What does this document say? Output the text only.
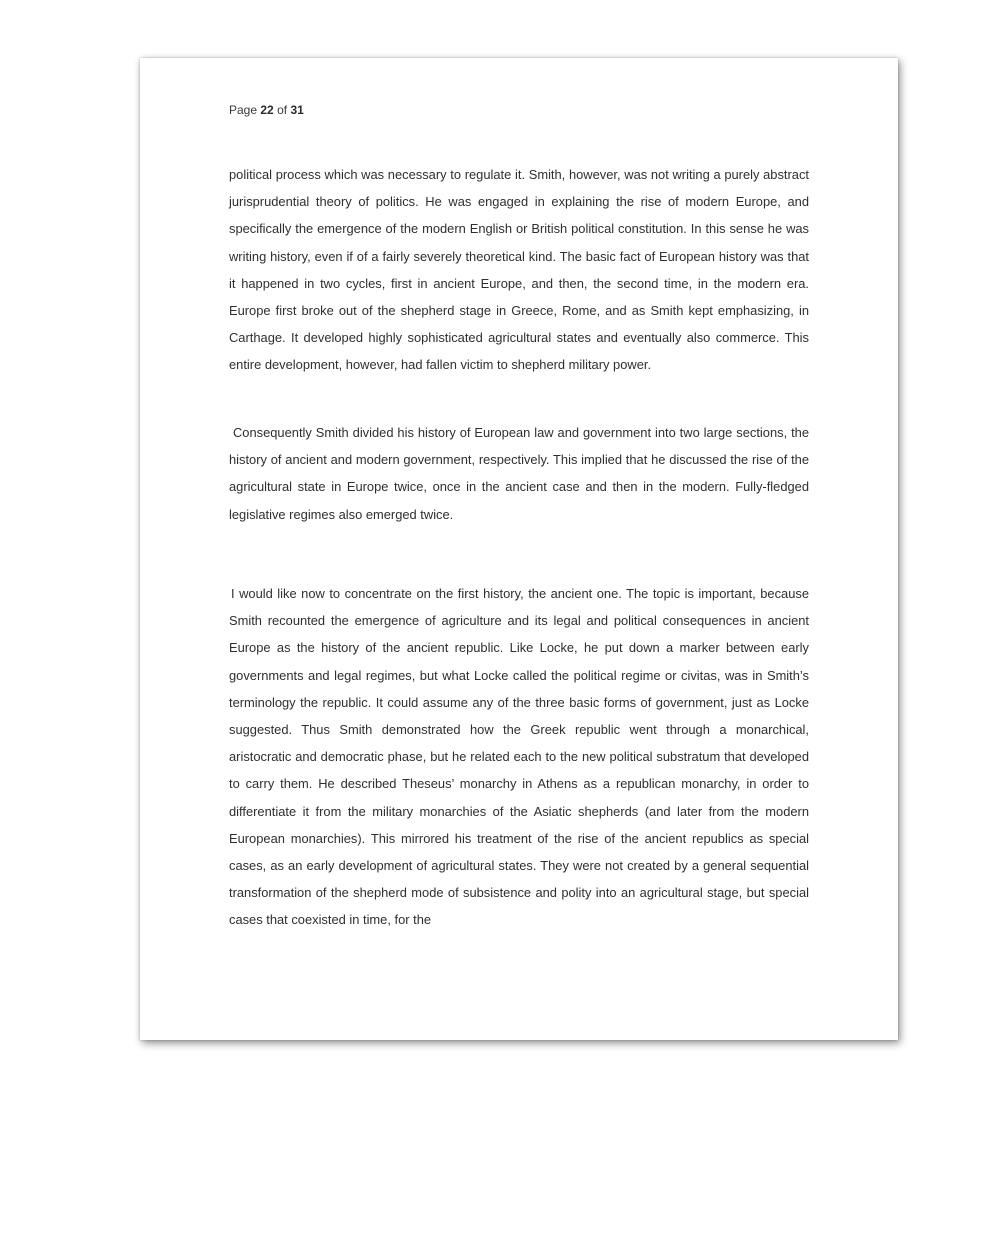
Page 22 of 31

political process which was necessary to regulate it. Smith, however, was not writing a purely abstract jurisprudential theory of politics. He was engaged in explaining the rise of modern Europe, and specifically the emergence of the modern English or British political constitution. In this sense he was writing history, even if of a fairly severely theoretical kind. The basic fact of European history was that it happened in two cycles, first in ancient Europe, and then, the second time, in the modern era. Europe first broke out of the shepherd stage in Greece, Rome, and as Smith kept emphasizing, in Carthage. It developed highly sophisticated agricultural states and eventually also commerce. This entire development, however, had fallen victim to shepherd military power.

Consequently Smith divided his history of European law and government into two large sections, the history of ancient and modern government, respectively. This implied that he discussed the rise of the agricultural state in Europe twice, once in the ancient case and then in the modern. Fully-fledged legislative regimes also emerged twice.

I would like now to concentrate on the first history, the ancient one. The topic is important, because Smith recounted the emergence of agriculture and its legal and political consequences in ancient Europe as the history of the ancient republic. Like Locke, he put down a marker between early governments and legal regimes, but what Locke called the political regime or civitas, was in Smith’s terminology the republic. It could assume any of the three basic forms of government, just as Locke suggested. Thus Smith demonstrated how the Greek republic went through a monarchical, aristocratic and democratic phase, but he related each to the new political substratum that developed to carry them. He described Theseus’ monarchy in Athens as a republican monarchy, in order to differentiate it from the military monarchies of the Asiatic shepherds (and later from the modern European monarchies). This mirrored his treatment of the rise of the ancient republics as special cases, as an early development of agricultural states. They were not created by a general sequential transformation of the shepherd mode of subsistence and polity into an agricultural stage, but special cases that coexisted in time, for the
